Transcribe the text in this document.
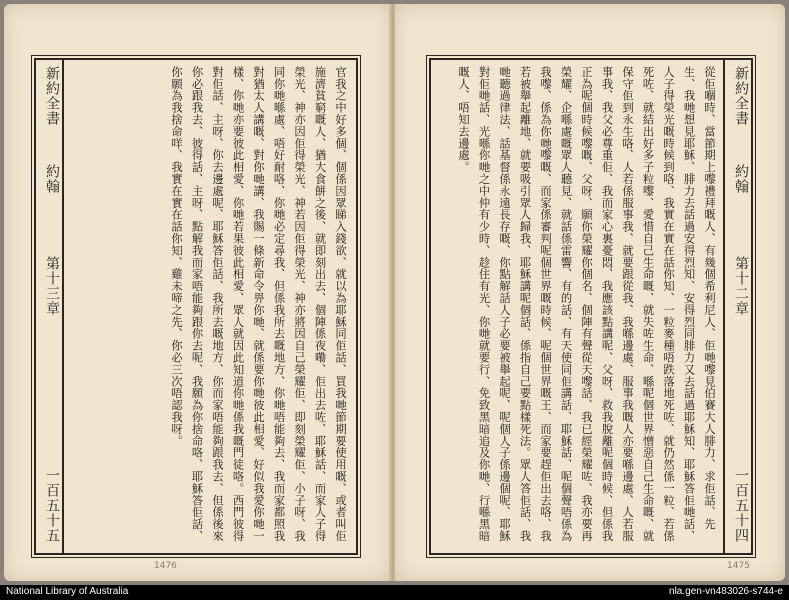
新約全書
約翰
第十三章
一百五十五	官我之中好多個、個係因眾睇入錢欲、就以為耶穌同佢話、買我哋節期要使用嘅、或者叫佢施濟貧窮嘅人、猶大食餅之後、就即刻出去、個陣係夜嘞、佢出去咗、耶穌話、而家人子得榮光、神亦因佢得榮光、神若因佢得榮光、神亦將因自己榮耀佢、即刻榮耀佢、小子呀、我同你哋喺處、唔好耐咯、你哋必定尋我、但係我所去嘅地方、你哋唔能夠去、我而家都照我對猶太人講嘅、對你哋講、我賜一條新命令畀你哋、就係要你哋彼此相愛、好似我愛你哋一樣、你哋亦要彼此相愛、你哋若果彼此相愛、眾人就因此知道你哋係我嘅門徒咯。西門彼得對佢話、主呀、你去邊處呢、耶穌答佢話、我所去嘅地方、你而家唔能夠跟我去、但係後來你必跟我去、彼得話、主呀、點解我而家唔能夠跟你去呢、我願為你捨命咯、耶穌答佢話、你願為我捨命咩、我實在實在話你知、雞未啼之先、你必三次唔認我呀。

1476
新約全書
約翰
第十二章
一百五十四

從佢嗰時、當節期上嚟禮拜嘅人、有幾個希利尼人、佢哋嚟見伯賽大人腓力、求佢話、先生、我哋想見耶穌、腓力去話過安得烈知、安得烈同腓力又去話過耶穌知、耶穌答佢哋話、人子得榮光嘅時候到咯、我實在實在話你知、一粒麥種唔跌落地死咗、就仍然係一粒、若係死咗、就結出好多子粒嚟、愛惜自己生命嘅、就失咗生命、喺呢個世界憎惡自己生命嘅、就保守佢到永生咯、人若係服事我、就要跟從我、我喺邊處、服事我嘅人亦要喺邊處、人若服事我、我父必尊重佢、我而家心裏憂悶、我應該點講呢、父呀、救我脫離呢個時候、但係我正為呢個時候嚟嘅、父呀、願你榮耀你個名、個陣有聲從天嚟話、我已經榮耀咗、我亦要再榮耀、企喺處嘅眾人聽見、就話係雷響、有的話、有天使同佢講話、耶穌話、呢個聲唔係為我嚟、係為你哋嚟嘅、而家係審判呢個世界嘅時候、呢個世界嘅王、而家要趕佢出去咯、我若被舉起離地、就要吸引眾人歸我、耶穌講呢個話、係指自己要點樣死法。眾人答佢話、我哋聽過律法、話基督係永遠長存嘅、你點解話人子必要被舉起呢、呢個人子係邊個呢、耶穌對佢哋話、光喺你哋之中仲有少時、趁住有光、你哋就要行、免致黑暗追及你哋、行喺黑暗嘅人、唔知去邊處。

1475
National Library of Australia	nla.gen-vn483026-s744-e
